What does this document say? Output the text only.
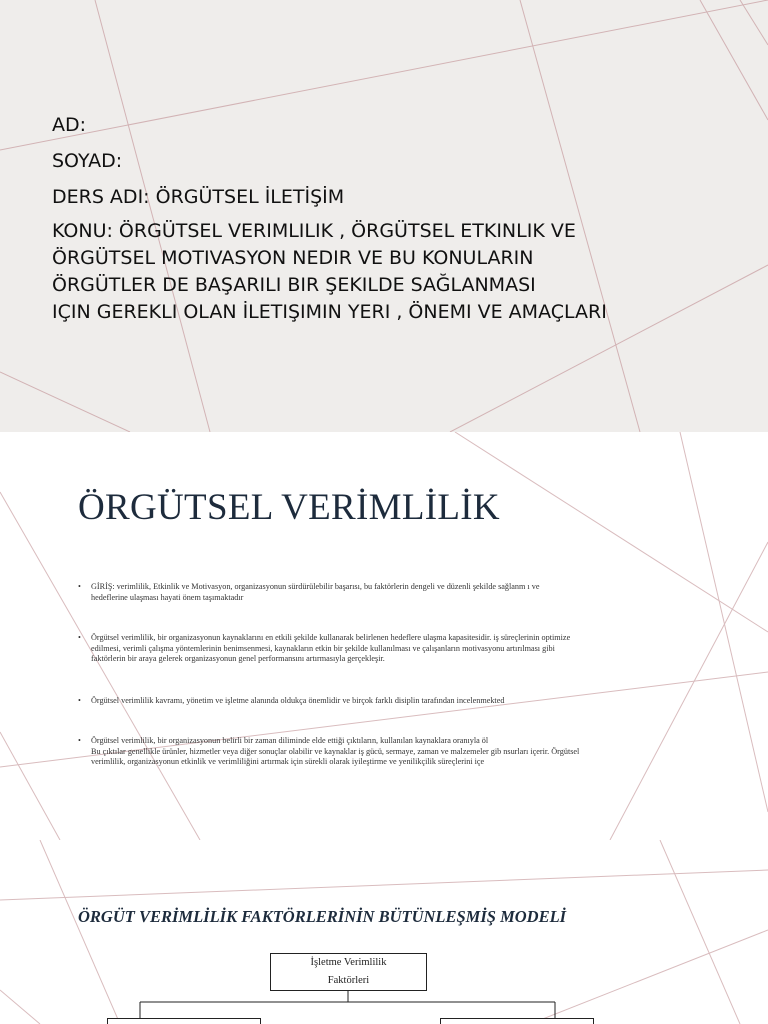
AD:
SOYAD:
DERS ADI: ÖRGÜTSEL İLETİŞİM
KONU: ÖRGÜTSEL VERIMLILIK , ÖRGÜTSEL ETKINLIK VE
ÖRGÜTSEL MOTIVASYON NEDIR VE BU KONULARIN
ÖRGÜTLER DE BAŞARILI BIR ŞEKILDE SAĞLANMASI
IÇIN GEREKLI OLAN İLETIŞIMIN YERI , ÖNEMI VE AMAÇLARI
ÖRGÜTSEL VERİMLİLİK
• GİRİŞ: verimlilik, Etkinlik ve Motivasyon, organizasyonun sürdürülebilir başarısı, bu faktörlerin dengeli ve düzenli şekilde sağlanm ı ve
hedeflerine ulaşması hayati önem taşımaktadır
• Örgütsel verimlilik, bir organizasyonun kaynaklarını en etkili şekilde kullanarak belirlenen hedeflere ulaşma kapasitesidir. iş süreçlerinin optimize
edilmesi, verimli çalışma yöntemlerinin benimsenmesi, kaynakların etkin bir şekilde kullanılması ve çalışanların motivasyonu artırılması gibi
faktörlerin bir araya gelerek organizasyonun genel performansını artırmasıyla gerçekleşir.
• Örgütsel verimlilik kavramı, yönetim ve işletme alanında oldukça önemlidir ve birçok farklı disiplin tarafından incelenmekted
• Örgütsel verimlilik, bir organizasyonun belirli bir zaman diliminde elde ettiği çıktıların, kullanılan kaynaklara oranıyla öl
Bu çıktılar genellikle ürünler, hizmetler veya diğer sonuçlar olabilir ve kaynaklar iş gücü, sermaye, zaman ve malzemeler gib nsurları içerir. Örgütsel
verimlilik, organizasyonun etkinlik ve verimliliğini artırmak için sürekli olarak iyileştirme ve yenilikçilik süreçlerini içe
ÖRGÜT VERİMLİLİK FAKTÖRLERİNİN BÜTÜNLEŞMİŞ MODELİ
İşletme Verimlilik
Faktörleri
